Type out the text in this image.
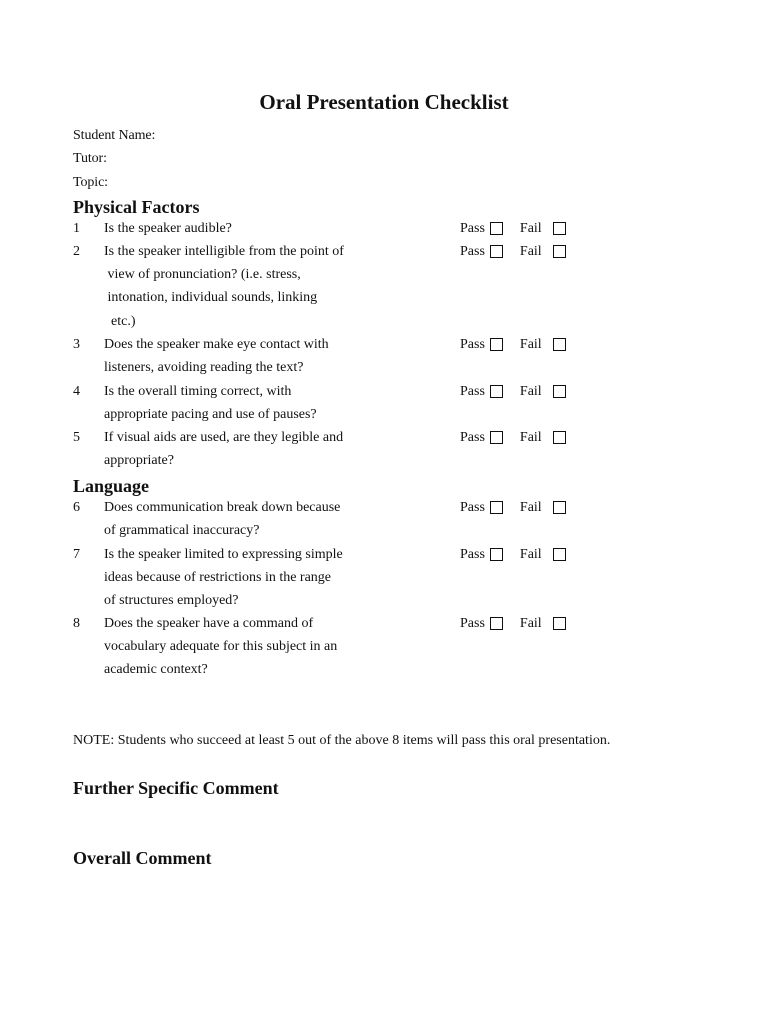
Oral Presentation Checklist
Student Name:
Tutor:
Topic:
Physical Factors
1 Is the speaker audible?	Pass	Fail
2 Is the speaker intelligible from the point of
view of pronunciation? (i.e. stress,
intonation, individual sounds, linking
etc.)
Pass	Fail
3 Does the speaker make eye contact with
listeners, avoiding reading the text?
Pass	Fail
4 Is the overall timing correct, with
appropriate pacing and use of pauses?
Pass	Fail
5 If visual aids are used, are they legible and
appropriate?
Pass	Fail
Language
6 Does communication break down because
of grammatical inaccuracy?
Pass	Fail
7 Is the speaker limited to expressing simple
ideas because of restrictions in the range
of structures employed?
Pass	Fail
8 Does the speaker have a command of
vocabulary adequate for this subject in an
academic context?
Pass	Fail
NOTE: Students who succeed at least 5 out of the above 8 items will pass this oral presentation.
Further Specific Comment
Overall Comment
